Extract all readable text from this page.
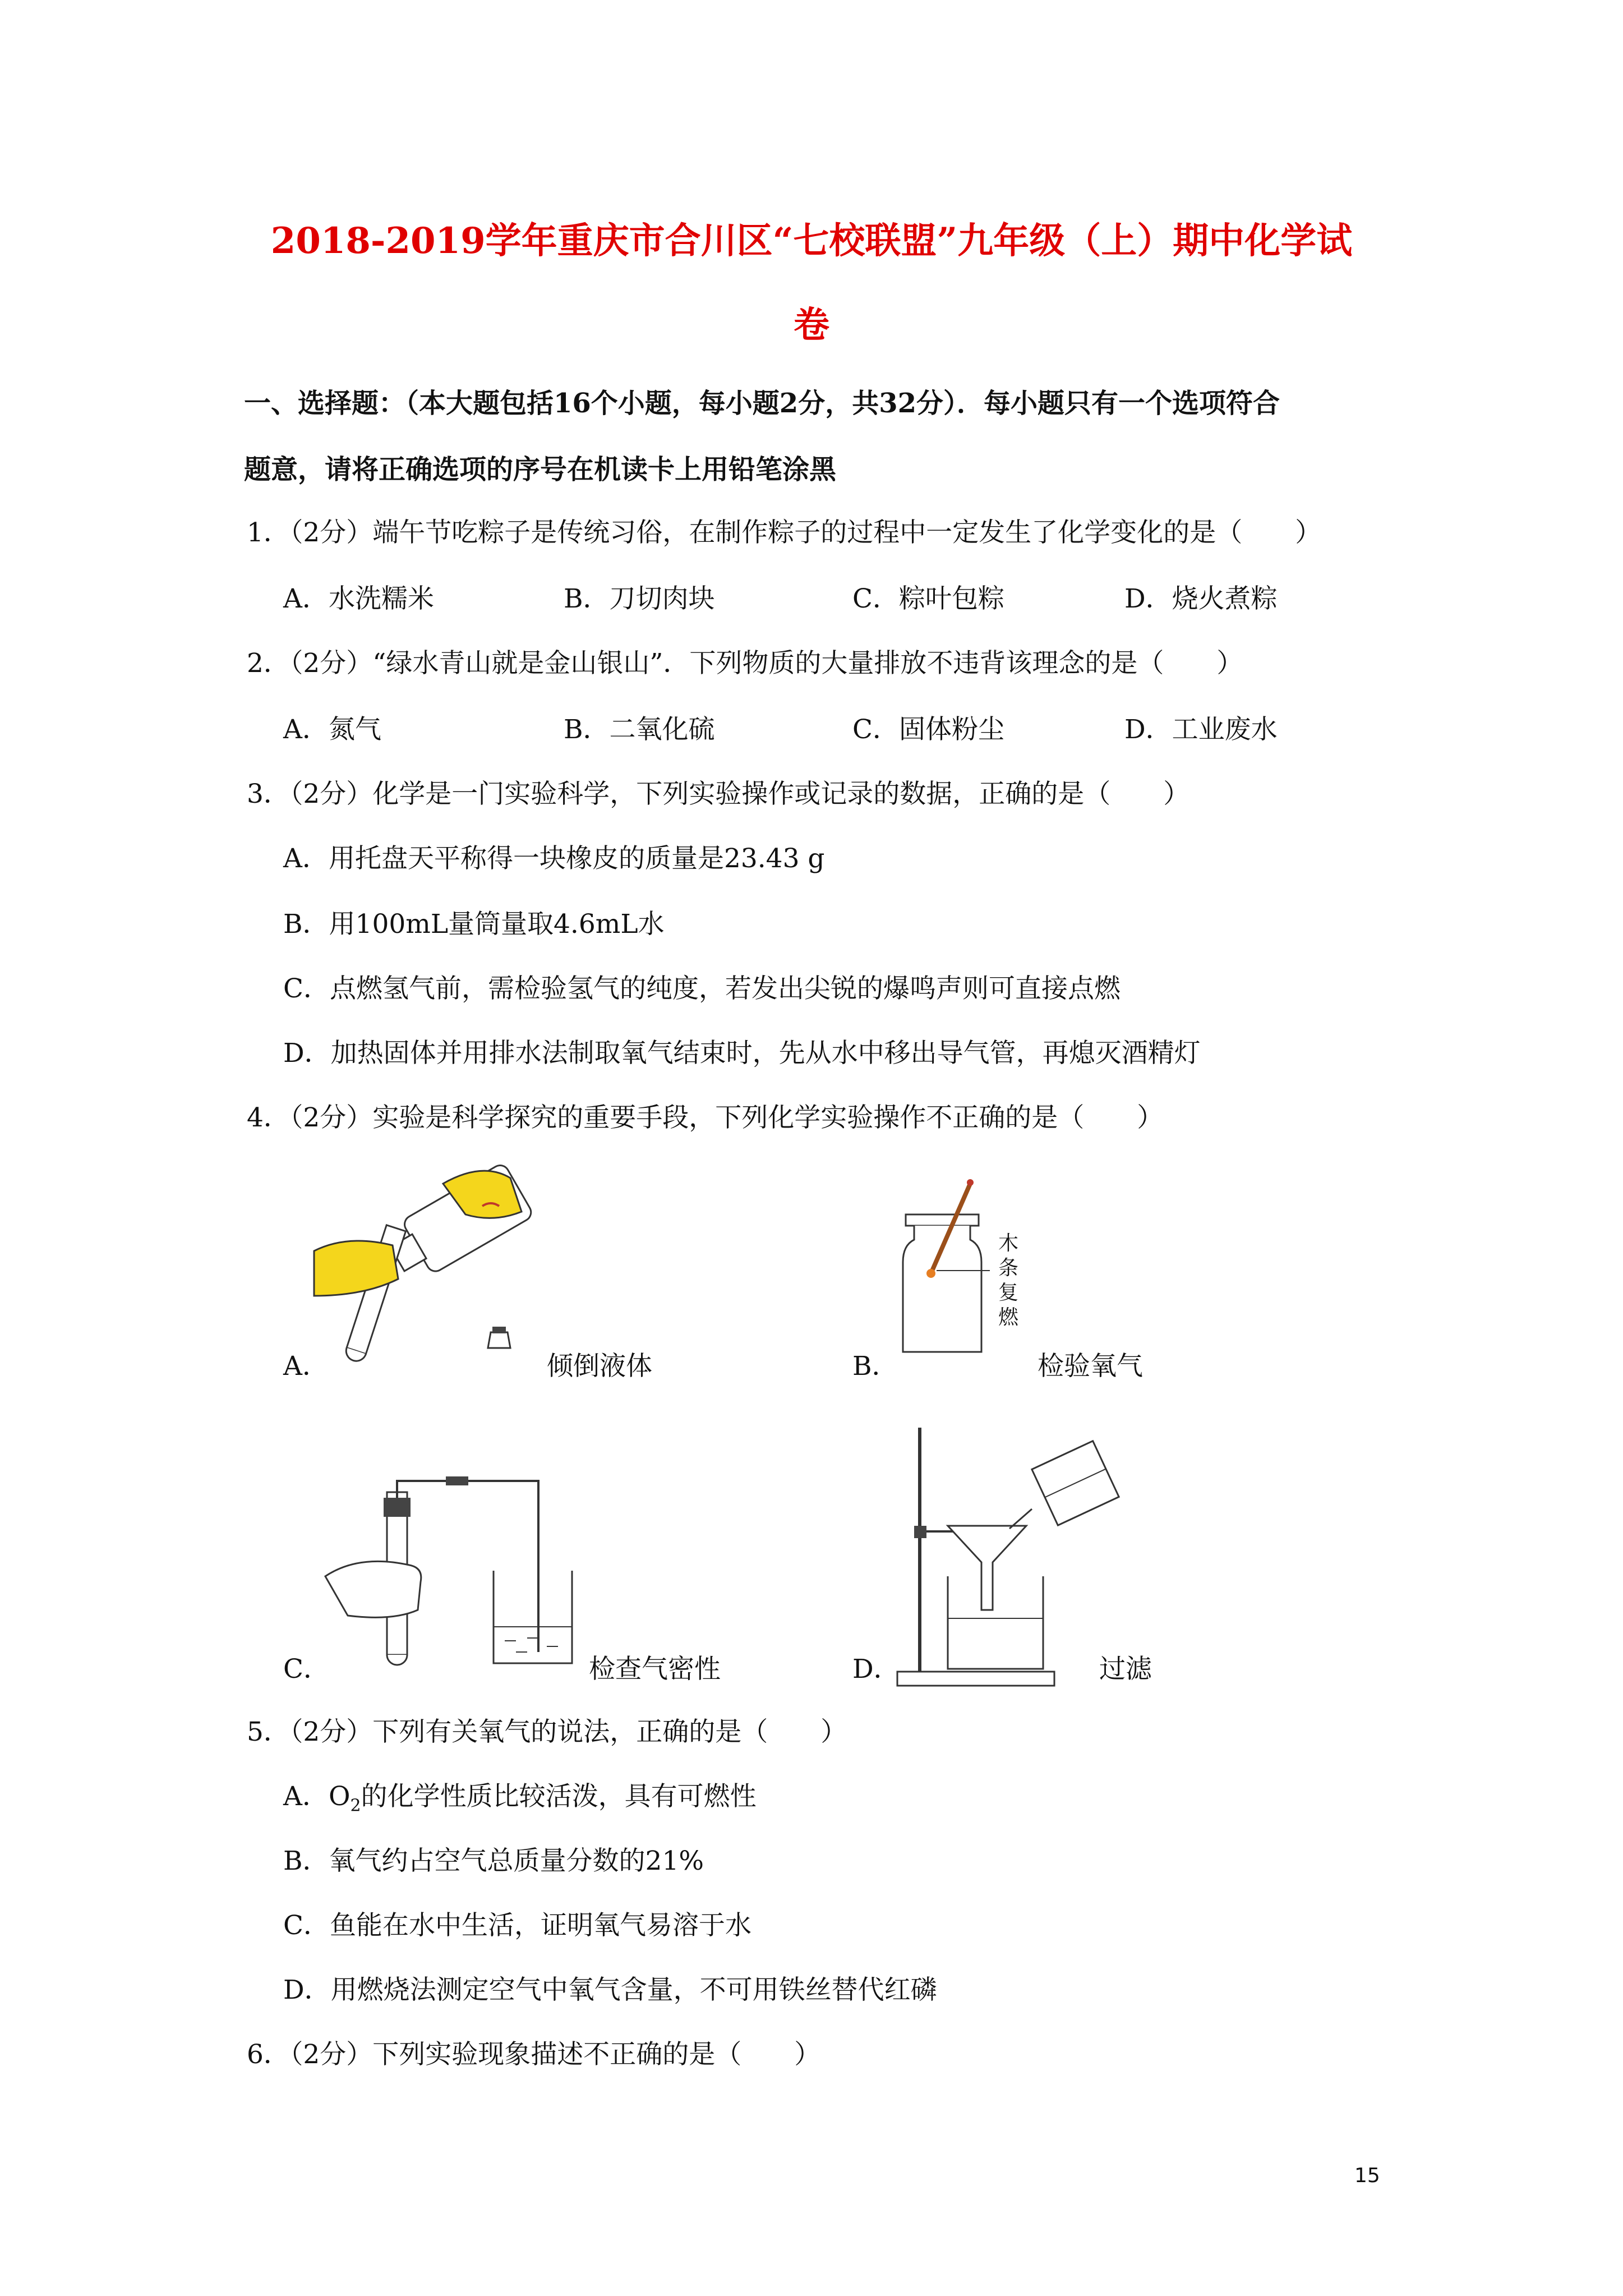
2018-2019学年重庆市合川区“七校联盟”九年级（上）期中化学试
卷
一、选择题：（本大题包括16个小题，每小题2分，共32分）．每小题只有一个选项符合
题意，请将正确选项的序号在机读卡上用铅笔涂黑
1．（2分）端午节吃粽子是传统习俗，在制作粽子的过程中一定发生了化学变化的是（　　）
A．水洗糯米	B．刀切肉块	C．粽叶包粽	D．烧火煮粽
2．（2分）“绿水青山就是金山银山”．下列物质的大量排放不违背该理念的是（　　）
A．氮气	B．二氧化硫	C．固体粉尘	D．工业废水
3．（2分）化学是一门实验科学，下列实验操作或记录的数据，正确的是（　　）
A．用托盘天平称得一块橡皮的质量是23.43 g
B．用100mL量筒量取4.6mL水
C．点燃氢气前，需检验氢气的纯度，若发出尖锐的爆鸣声则可直接点燃
D．加热固体并用排水法制取氧气结束时，先从水中移出导气管，再熄灭酒精灯
4．（2分）实验是科学探究的重要手段，下列化学实验操作不正确的是（　　）
A．	倾倒液体
木
条
复
燃
B．	检验氧气
C．	检查气密性	D．	过滤
5．（2分）下列有关氧气的说法，正确的是（　　）
A．$O_2$的化学性质比较活泼，具有可燃性
B．氧气约占空气总质量分数的21%
C．鱼能在水中生活，证明氧气易溶于水
D．用燃烧法测定空气中氧气含量，不可用铁丝替代红磷
6．（2分）下列实验现象描述不正确的是（　　）
15
